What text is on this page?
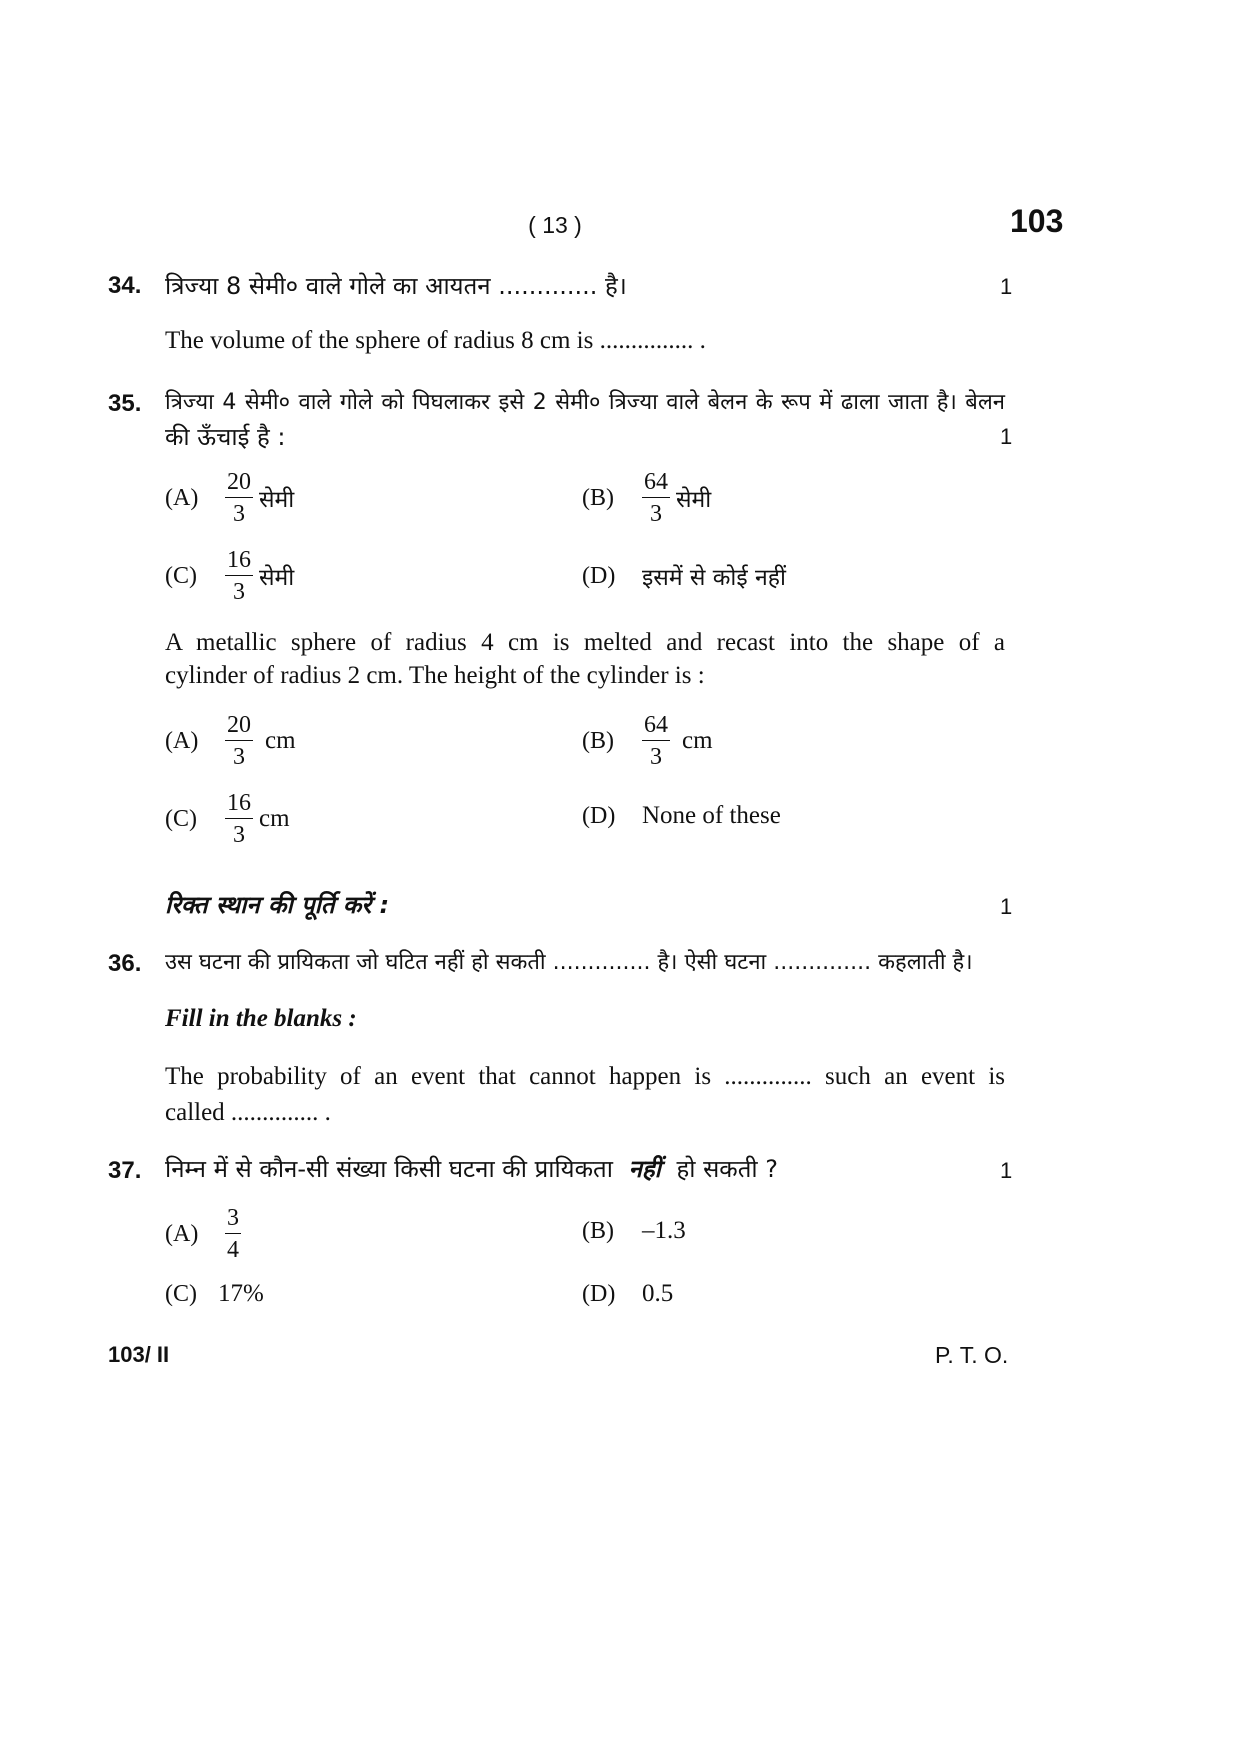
( 13 )	103
34. त्रिज्या 8 सेमी० वाले गोले का आयतन ............. है।	1
The volume of the sphere of radius 8 cm is ............... .
35. त्रिज्या 4 सेमी० वाले गोले को पिघलाकर इसे 2 सेमी० त्रिज्या वाले बेलन के रूप में ढाला जाता है। बेलन
की ऊँचाई है :	1
(A)	$\frac{20}{3}$ सेमी	(B)	$\frac{64}{3}$ सेमी
(C)	$\frac{16}{3}$ सेमी	(D)	इसमें से कोई नहीं
A metallic sphere of radius 4 cm is melted and recast into the shape of a
cylinder of radius 2 cm. The height of the cylinder is :
(A)	$\frac{20}{3}$ cm	(B)	$\frac{64}{3}$ cm
(C)	$\frac{16}{3}$ cm	(D)	None of these
रिक्त स्थान की पूर्ति करें :	1
36. उस घटना की प्रायिकता जो घटित नहीं हो सकती .............. है। ऐसी घटना .............. कहलाती है।
Fill in the blanks :
The probability of an event that cannot happen is .............. such an event is
called .............. .
37. निम्न में से कौन-सी संख्या किसी घटना की प्रायिकता नहीं हो सकती ?	1
(A)	$\frac{3}{4}$	(B)	–1.3
(C) 17%	(D)	0.5
103/ II	P. T. O.
